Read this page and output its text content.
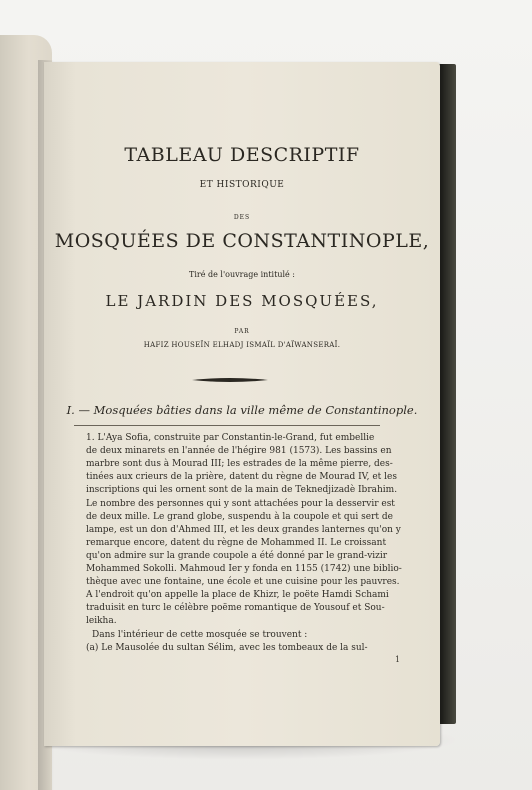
TABLEAU DESCRIPTIF
ET HISTORIQUE
DES
MOSQUÉES DE CONSTANTINOPLE,
Tiré de l'ouvrage intitulé :
LE JARDIN DES MOSQUÉES,
PAR
HAFIZ HOUSEÏN ELHADJ ISMAÏL D'AÏWANSERAÏ.
I. — Mosquées bâties dans la ville même de Constantinople.
1. L'Aya Sofia, construite par Constantin-le-Grand, fut embellie
de deux minarets en l'année de l'hégire 981 (1573). Les bassins en
marbre sont dus à Mourad III; les estrades de la même pierre, des-
tinées aux crieurs de la prière, datent du règne de Mourad IV, et les
inscriptions qui les ornent sont de la main de Teknedjizadè Ibrahim.
Le nombre des personnes qui y sont attachées pour la desservir est
de deux mille. Le grand globe, suspendu à la coupole et qui sert de
lampe, est un don d'Ahmed III, et les deux grandes lanternes qu'on y
remarque encore, datent du règne de Mohammed II. Le croissant
qu'on admire sur la grande coupole a été donné par le grand-vizir
Mohammed Sokolli. Mahmoud Ier y fonda en 1155 (1742) une biblio-
thèque avec une fontaine, une école et une cuisine pour les pauvres.
A l'endroit qu'on appelle la place de Khizr, le poëte Hamdi Schami
traduisit en turc le célèbre poëme romantique de Yousouf et Sou-
leikha.
Dans l'intérieur de cette mosquée se trouvent :
(a) Le Mausolée du sultan Sélim, avec les tombeaux de la sul-
1
